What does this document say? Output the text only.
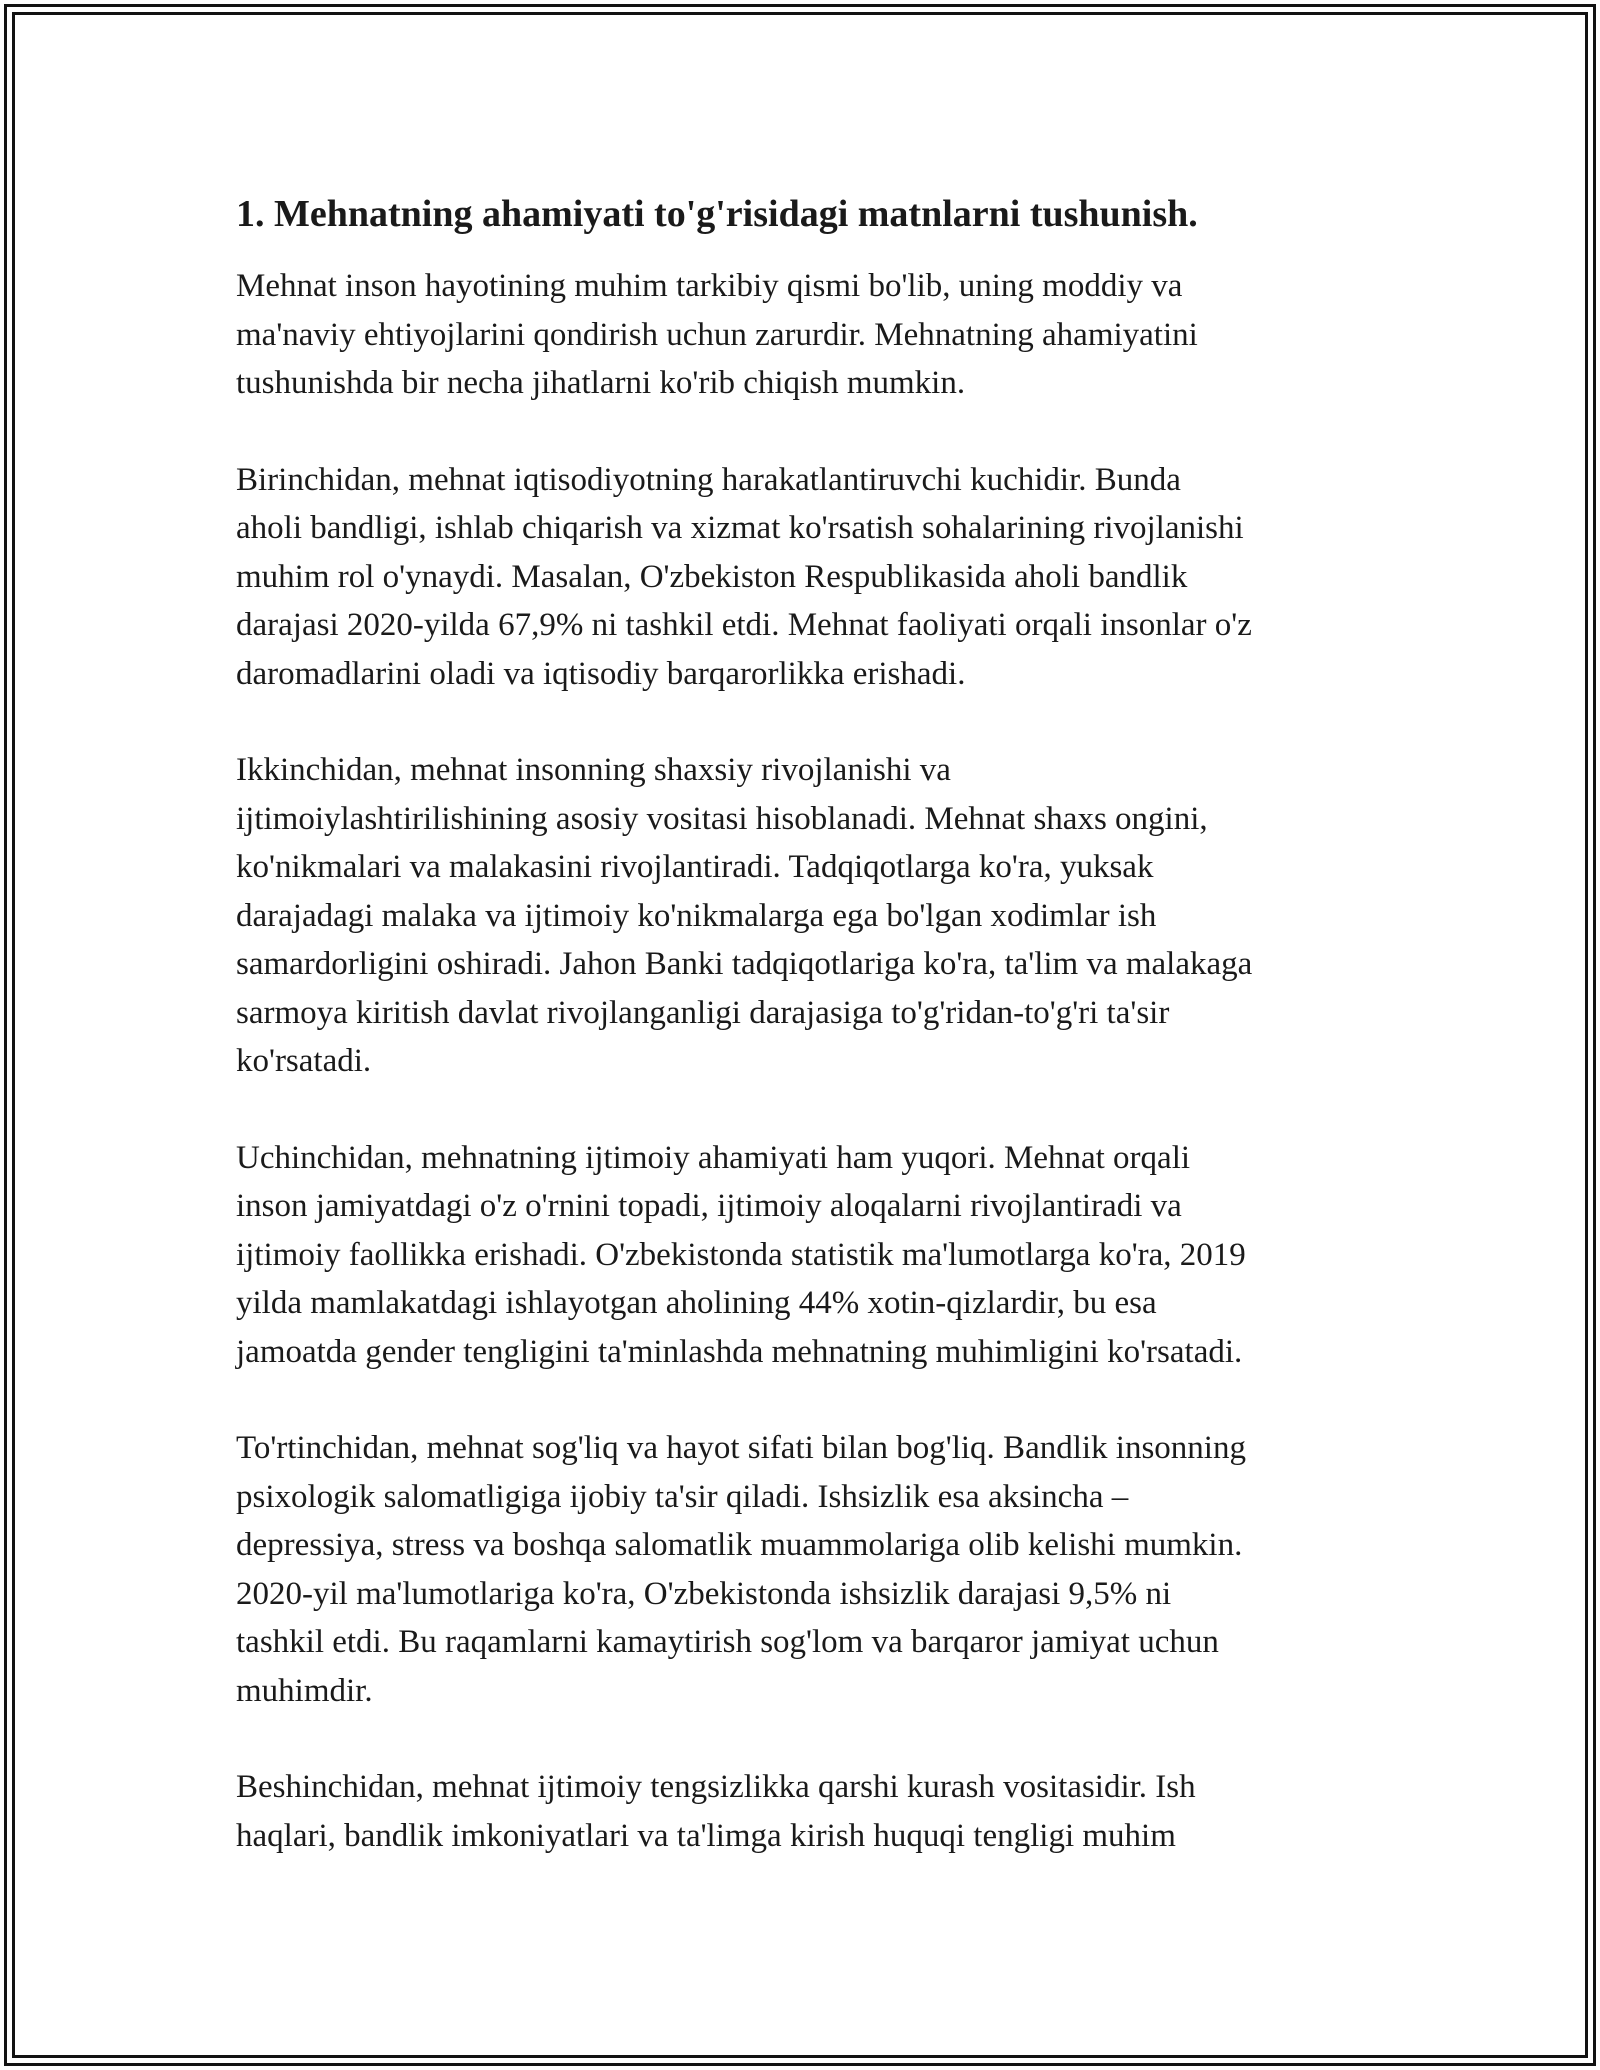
1. Mehnatning ahamiyati to'g'risidagi matnlarni tushunish.
Mehnat inson hayotining muhim tarkibiy qismi bo'lib, uning moddiy va
ma'naviy ehtiyojlarini qondirish uchun zarurdir. Mehnatning ahamiyatini
tushunishda bir necha jihatlarni ko'rib chiqish mumkin.
Birinchidan, mehnat iqtisodiyotning harakatlantiruvchi kuchidir. Bunda
aholi bandligi, ishlab chiqarish va xizmat ko'rsatish sohalarining rivojlanishi
muhim rol o'ynaydi. Masalan, O'zbekiston Respublikasida aholi bandlik
darajasi 2020-yilda 67,9% ni tashkil etdi. Mehnat faoliyati orqali insonlar o'z
daromadlarini oladi va iqtisodiy barqarorlikka erishadi.
Ikkinchidan, mehnat insonning shaxsiy rivojlanishi va
ijtimoiylashtirilishining asosiy vositasi hisoblanadi. Mehnat shaxs ongini,
ko'nikmalari va malakasini rivojlantiradi. Tadqiqotlarga ko'ra, yuksak
darajadagi malaka va ijtimoiy ko'nikmalarga ega bo'lgan xodimlar ish
samardorligini oshiradi. Jahon Banki tadqiqotlariga ko'ra, ta'lim va malakaga
sarmoya kiritish davlat rivojlanganligi darajasiga to'g'ridan-to'g'ri ta'sir
ko'rsatadi.
Uchinchidan, mehnatning ijtimoiy ahamiyati ham yuqori. Mehnat orqali
inson jamiyatdagi o'z o'rnini topadi, ijtimoiy aloqalarni rivojlantiradi va
ijtimoiy faollikka erishadi. O'zbekistonda statistik ma'lumotlarga ko'ra, 2019
yilda mamlakatdagi ishlayotgan aholining 44% xotin-qizlardir, bu esa
jamoatda gender tengligini ta'minlashda mehnatning muhimligini ko'rsatadi.
To'rtinchidan, mehnat sog'liq va hayot sifati bilan bog'liq. Bandlik insonning
psixologik salomatligiga ijobiy ta'sir qiladi. Ishsizlik esa aksincha –
depressiya, stress va boshqa salomatlik muammolariga olib kelishi mumkin.
2020-yil ma'lumotlariga ko'ra, O'zbekistonda ishsizlik darajasi 9,5% ni
tashkil etdi. Bu raqamlarni kamaytirish sog'lom va barqaror jamiyat uchun
muhimdir.
Beshinchidan, mehnat ijtimoiy tengsizlikka qarshi kurash vositasidir. Ish
haqlari, bandlik imkoniyatlari va ta'limga kirish huquqi tengligi muhim
